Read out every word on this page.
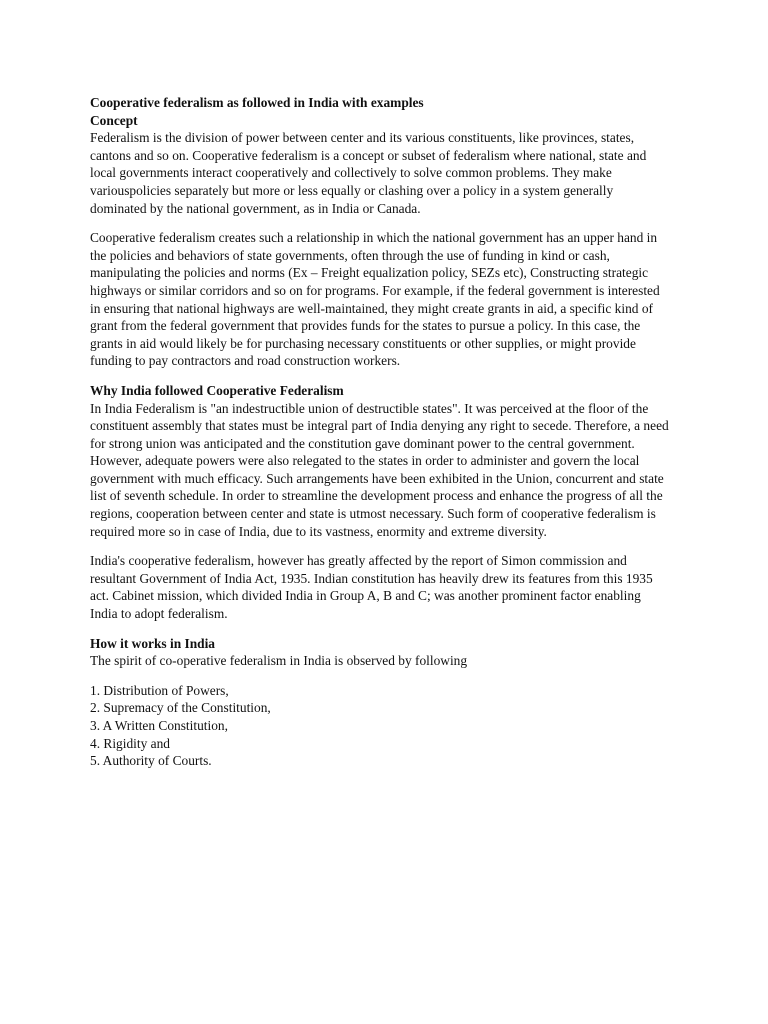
Cooperative federalism as followed in India with examples

Concept

Federalism is the division of power between center and its various constituents, like provinces, states, cantons and so on. Cooperative federalism is a concept or subset of federalism where national, state and local governments interact cooperatively and collectively to solve common problems. They make variouspolicies separately but more or less equally or clashing over a policy in a system generally dominated by the national government, as in India or Canada.

Cooperative federalism creates such a relationship in which the national government has an upper hand in the policies and behaviors of state governments, often through the use of funding in kind or cash, manipulating the policies and norms (Ex – Freight equalization policy, SEZs etc), Constructing strategic highways or similar corridors and so on for programs. For example, if the federal government is interested in ensuring that national highways are well-maintained, they might create grants in aid, a specific kind of grant from the federal government that provides funds for the states to pursue a policy. In this case, the grants in aid would likely be for purchasing necessary constituents or other supplies, or might provide funding to pay contractors and road construction workers.

Why India followed Cooperative Federalism

In India Federalism is "an indestructible union of destructible states". It was perceived at the floor of the constituent assembly that states must be integral part of India denying any right to secede. Therefore, a need for strong union was anticipated and the constitution gave dominant power to the central government. However, adequate powers were also relegated to the states in order to administer and govern the local government with much efficacy. Such arrangements have been exhibited in the Union, concurrent and state list of seventh schedule. In order to streamline the development process and enhance the progress of all the regions, cooperation between center and state is utmost necessary. Such form of cooperative federalism is required more so in case of India, due to its vastness, enormity and extreme diversity.

India's cooperative federalism, however has greatly affected by the report of Simon commission and resultant Government of India Act, 1935. Indian constitution has heavily drew its features from this 1935 act. Cabinet mission, which divided India in Group A, B and C; was another prominent factor enabling India to adopt federalism.

How it works in India

The spirit of co-operative federalism in India is observed by following

1. Distribution of Powers,
2. Supremacy of the Constitution,
3. A Written Constitution,
4. Rigidity and
5. Authority of Courts.
